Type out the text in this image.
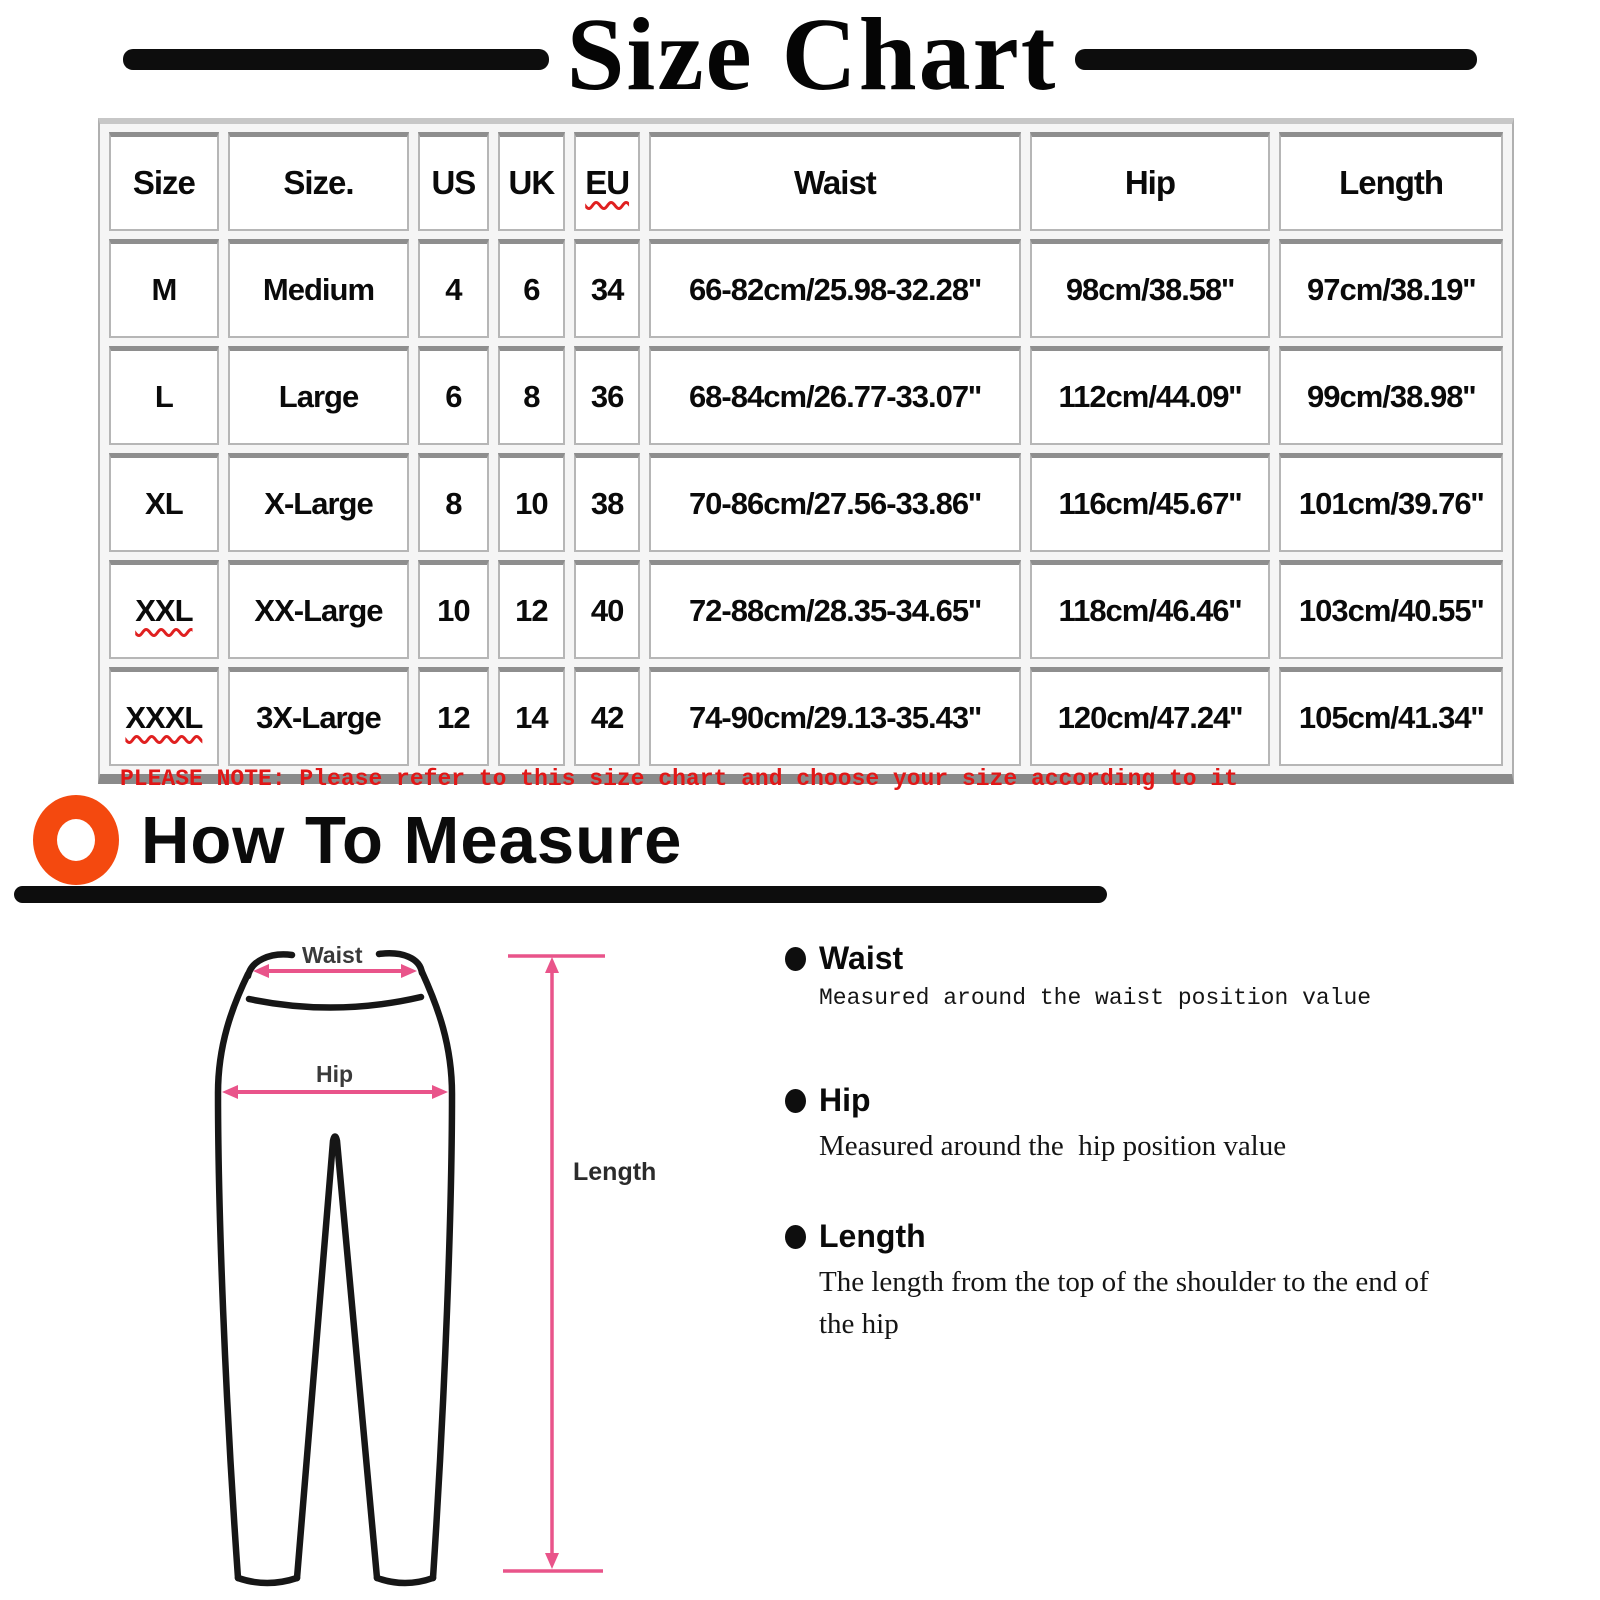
Size Chart
Size	Size.	US	UK	EU	Waist	Hip	Length
M	Medium	4	6	34	66-82cm/25.98-32.28''	98cm/38.58''	97cm/38.19''
L	Large	6	8	36	68-84cm/26.77-33.07''	112cm/44.09''	99cm/38.98''
XL	X-Large	8	10	38	70-86cm/27.56-33.86''	116cm/45.67''	101cm/39.76''
XXL	XX-Large	10	12	40	72-88cm/28.35-34.65''	118cm/46.46''	103cm/40.55''
XXXL	3X-Large	12	14	42	74-90cm/29.13-35.43''	120cm/47.24''	105cm/41.34''
PLEASE NOTE: Please refer to this size chart and choose your size according to it
How To Measure
Waist
Hip
Length
Waist
Measured around the waist position value
Hip
Measured around the  hip position value
Length
The length from the top of the shoulder to the end of the hip
